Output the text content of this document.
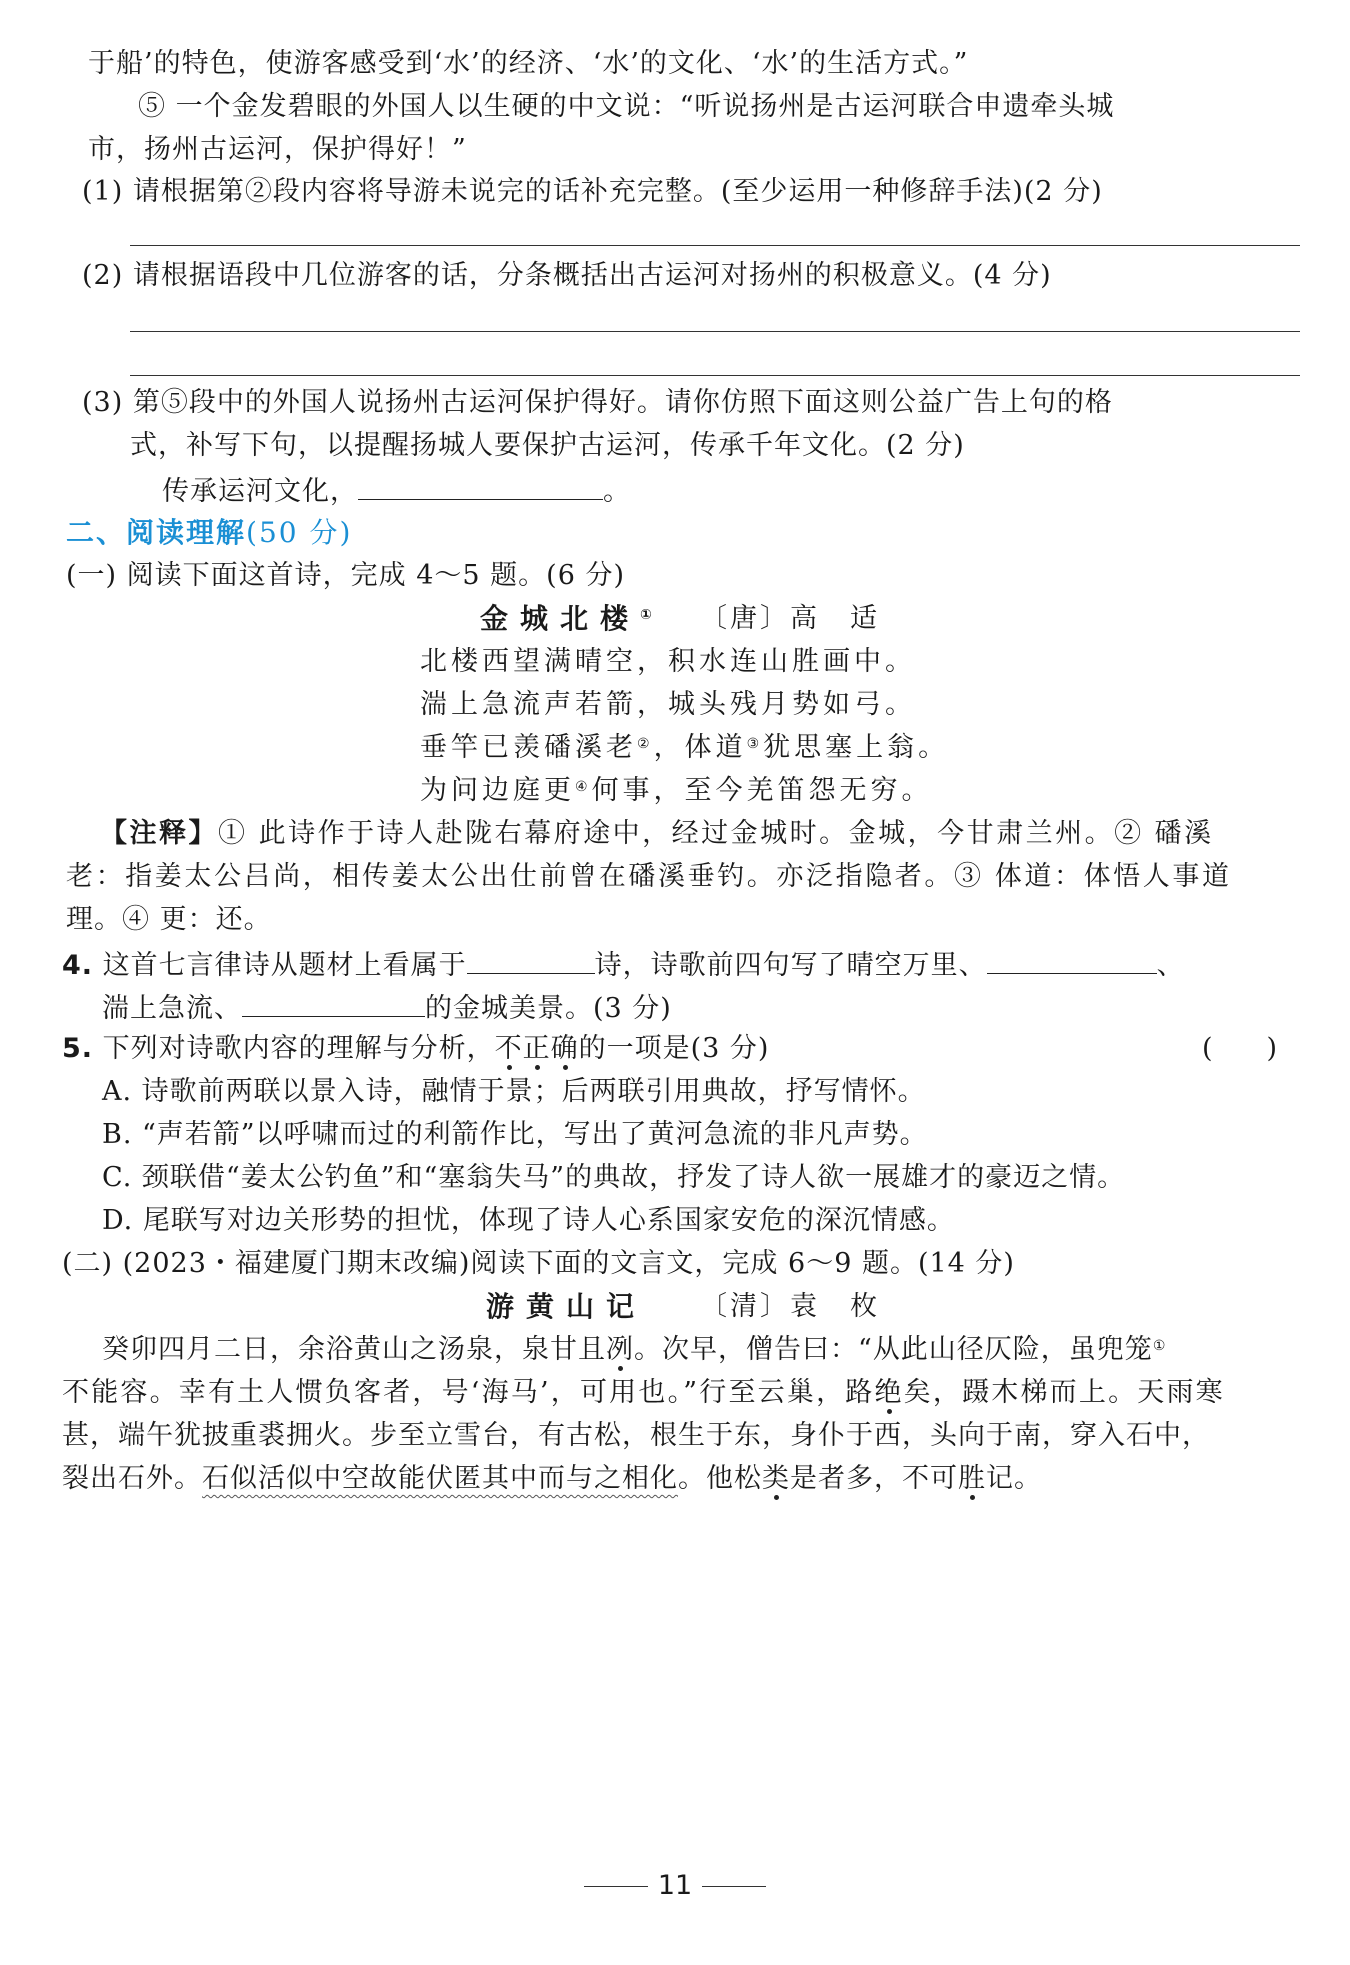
于船’的特色，使游客感受到‘水’的经济、‘水’的文化、‘水’的生活方式。”
⑤ 一个金发碧眼的外国人以生硬的中文说：“听说扬州是古运河联合申遗牵头城
市，扬州古运河，保护得好！”
(1) 请根据第②段内容将导游未说完的话补充完整。(至少运用一种修辞手法)(2 分)
(2) 请根据语段中几位游客的话，分条概括出古运河对扬州的积极意义。(4 分)
(3) 第⑤段中的外国人说扬州古运河保护得好。请你仿照下面这则公益广告上句的格
式，补写下句，以提醒扬城人要保护古运河，传承千年文化。(2 分)
传承运河文化，	。
二、阅读理解(50 分)
(一) 阅读下面这首诗，完成 4～5 题。(6 分)
金城北楼① 〔唐〕高　适
北楼西望满晴空，积水连山胜画中。
湍上急流声若箭，城头残月势如弓。
垂竿已羡磻溪老②，体道③犹思塞上翁。
为问边庭更④何事，至今羌笛怨无穷。
【注释】① 此诗作于诗人赴陇右幕府途中，经过金城时。金城，今甘肃兰州。② 磻溪
老：指姜太公吕尚，相传姜太公出仕前曾在磻溪垂钓。亦泛指隐者。③ 体道：体悟人事道
理。④ 更：还。
4. 这首七言律诗从题材上看属于	诗，诗歌前四句写了晴空万里、	、
湍上急流、	的金城美景。(3 分)
5. 下列对诗歌内容的理解与分析，不正确的一项是(3 分)	(　　)
A. 诗歌前两联以景入诗，融情于景；后两联引用典故，抒写情怀。
B. “声若箭”以呼啸而过的利箭作比，写出了黄河急流的非凡声势。
C. 颈联借“姜太公钓鱼”和“塞翁失马”的典故，抒发了诗人欲一展雄才的豪迈之情。
D. 尾联写对边关形势的担忧，体现了诗人心系国家安危的深沉情感。
(二) (2023・福建厦门期末改编)阅读下面的文言文，完成 6～9 题。(14 分)
游黄山记 〔清〕袁　枚
癸卯四月二日，余浴黄山之汤泉，泉甘且冽。次早，僧告曰：“从此山径仄险，虽兜笼①
不能容。幸有土人惯负客者，号‘海马’，可用也。”行至云巢，路绝矣，蹑木梯而上。天雨寒
甚，端午犹披重裘拥火。步至立雪台，有古松，根生于东，身仆于西，头向于南，穿入石中，
裂出石外。石似活似中空故能伏匿其中而与之相化。他松类是者多，不可胜记。
11
